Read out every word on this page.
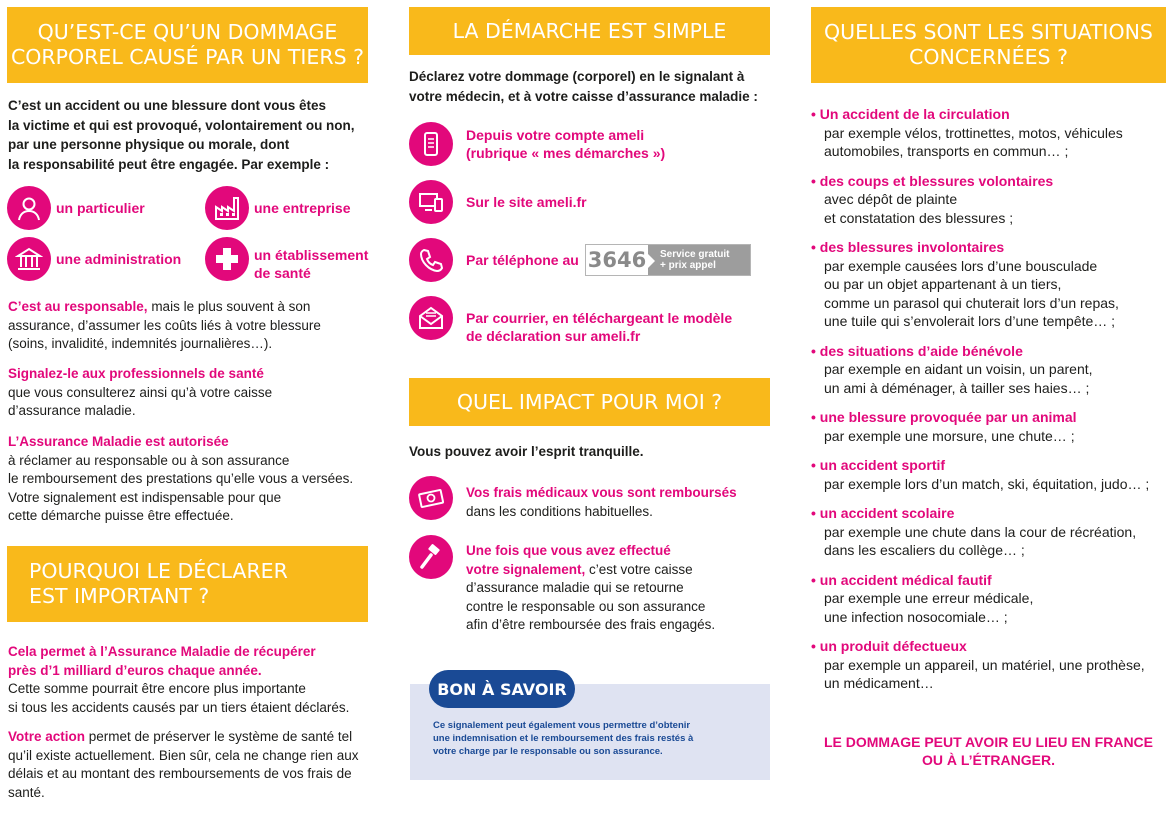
QU’EST-CE QU’UN DOMMAGE
CORPOREL CAUSÉ PAR UN TIERS ?
C’est un accident ou une blessure dont vous êtes
la victime et qui est provoqué, volontairement ou non,
par une personne physique ou morale, dont
la responsabilité peut être engagée. Par exemple :
un particulier	une entreprise
une administration	un établissement
de santé
C’est au responsable, mais le plus souvent à son
assurance, d’assumer les coûts liés à votre blessure
(soins, invalidité, indemnités journalières…).
Signalez-le aux professionnels de santé
que vous consulterez ainsi qu’à votre caisse
d’assurance maladie.
L’Assurance Maladie est autorisée
à réclamer au responsable ou à son assurance
le remboursement des prestations qu’elle vous a versées.
Votre signalement est indispensable pour que
cette démarche puisse être effectuée.
POURQUOI LE DÉCLARER
EST IMPORTANT ?
Cela permet à l’Assurance Maladie de récupérer
près d’1 milliard d’euros chaque année.
Cette somme pourrait être encore plus importante
si tous les accidents causés par un tiers étaient déclarés.
Votre action permet de préserver le système de santé tel
qu’il existe actuellement. Bien sûr, cela ne change rien aux
délais et au montant des remboursements de vos frais de santé.
LA DÉMARCHE EST SIMPLE
Déclarez votre dommage (corporel) en le signalant à
votre médecin, et à votre caisse d’assurance maladie :
Depuis votre compte ameli
(rubrique « mes démarches »)
Sur le site ameli.fr
Par téléphone au 3646 Service gratuit
+ prix appel
Par courrier, en téléchargeant le modèle
de déclaration sur ameli.fr
QUEL IMPACT POUR MOI ?
Vous pouvez avoir l’esprit tranquille.
Vos frais médicaux vous sont remboursés
dans les conditions habituelles.
Une fois que vous avez effectué
votre signalement, c’est votre caisse
d’assurance maladie qui se retourne
contre le responsable ou son assurance
afin d’être remboursée des frais engagés.
BON À SAVOIR
Ce signalement peut également vous permettre d’obtenir
une indemnisation et le remboursement des frais restés à
votre charge par le responsable ou son assurance.
QUELLES SONT LES SITUATIONS
CONCERNÉES ?
• Un accident de la circulation
par exemple vélos, trottinettes, motos, véhicules
automobiles, transports en commun… ;
• des coups et blessures volontaires
avec dépôt de plainte
et constatation des blessures ;
• des blessures involontaires
par exemple causées lors d’une bousculade
ou par un objet appartenant à un tiers,
comme un parasol qui chuterait lors d’un repas,
une tuile qui s’envolerait lors d’une tempête… ;
• des situations d’aide bénévole
par exemple en aidant un voisin, un parent,
un ami à déménager, à tailler ses haies… ;
• une blessure provoquée par un animal
par exemple une morsure, une chute… ;
• un accident sportif
par exemple lors d’un match, ski, équitation, judo… ;
• un accident scolaire
par exemple une chute dans la cour de récréation,
dans les escaliers du collège… ;
• un accident médical fautif
par exemple une erreur médicale,
une infection nosocomiale… ;
• un produit défectueux
par exemple un appareil, un matériel, une prothèse,
un médicament…
LE DOMMAGE PEUT AVOIR EU LIEU EN FRANCE
OU À L’ÉTRANGER.
